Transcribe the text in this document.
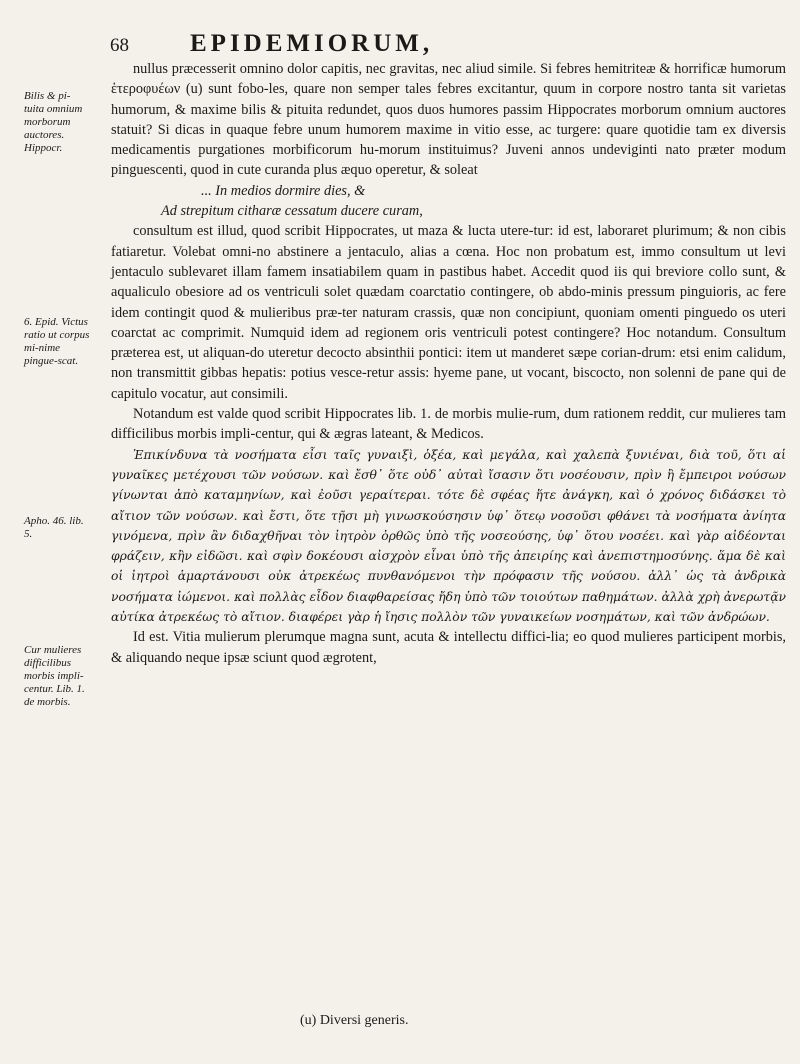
68	EPIDEMIORUM,
Bilis & pi-tuita omnium morborum auctores. Hippocr.
6. Epid. Victus ratio ut corpus mi-nime pingue-scat.
Apho. 46. lib. 5.
Cur mulieres difficilibus morbis impli-centur. Lib. 1. de morbis.

nullus præcesserit omnino dolor capitis, nec gravitas, nec aliud simile. Si febres hemitriteæ & horrificæ humorum ἑτεροφυέων (u) sunt fobo-les, quare non semper tales febres excitantur, quum in corpore nostro tanta sit varietas humorum, & maxime bilis & pituita redundet, quos duos humores passim Hippocrates morborum omnium auctores statuit? Si dicas in quaque febre unum humorem maxime in vitio esse, ac turgere: quare quotidie tam ex diversis medicamentis purgationes morbificorum hu-morum instituimus? Juveni annos undeviginti nato præter modum pinguescenti, quod in cute curanda plus æquo operetur, & soleat

... In medios dormire dies, &

Ad strepitum citharæ cessatum ducere curam,

consultum est illud, quod scribit Hippocrates, ut maza & lucta utere-tur: id est, laboraret plurimum; & non cibis fatiaretur. Volebat omni-no abstinere a jentaculo, alias a cœna. Hoc non probatum est, immo consultum ut levi jentaculo sublevaret illam famem insatiabilem quam in pastibus habet. Accedit quod iis qui breviore collo sunt, & aqualiculo obesiore ad os ventriculi solet quædam coarctatio contingere, ob abdo-minis pressum pinguioris, ac fere idem contingit quod & mulieribus præ-ter naturam crassis, quæ non concipiunt, quoniam omenti pinguedo os uteri coarctat ac comprimit. Numquid idem ad regionem oris ventriculi potest contingere? Hoc notandum. Consultum præterea est, ut aliquan-do uteretur decocto absinthii pontici: item ut manderet sæpe corian-drum: etsi enim calidum, non transmittit gibbas hepatis: potius vesce-retur assis: hyeme pane, ut vocant, biscocto, non solenni de pane qui de capitulo vocatur, aut consimili.

Notandum est valde quod scribit Hippocrates lib. 1. de morbis mulie-rum, dum rationem reddit, cur mulieres tam difficilibus morbis impli-centur, qui & ægras lateant, & Medicos.

Ἐπικίνδυνα τὰ νοσήματα εἶσι ταῖς γυναιξὶ, ὁξέα, καὶ μεγάλα, καὶ χαλεπὰ ξυνιέναι, διὰ τοῦ, ὅτι αἱ γυναῖκες μετέχουσι τῶν νούσων. καὶ ἔσθ᾽ ὅτε οὐδ᾽ αὐταὶ ἴσασιν ὅτι νοσέουσιν, πρὶν ἢ ἔμπειροι νούσων γίνωνται ἀπὸ καταμηνίων, καὶ ἐοῦσι γεραίτεραι. τότε δὲ σφέας ἥτε ἀνάγκη, καὶ ὁ χρόνος διδάσκει τὸ αἴτιον τῶν νούσων. καὶ ἔστι, ὅτε τῇσι μὴ γινωσκούσησιν ὑφ᾽ ὅτεῳ νοσοῦσι φθάνει τὰ νοσήματα ἀνίητα γινόμενα, πρὶν ἂν διδαχθῆναι τὸν ἰητρὸν ὀρθῶς ὑπὸ τῆς νοσεούσης, ὑφ᾽ ὅτου νοσέει. καὶ γὰρ αἰδέονται φράζειν, κἢν εἰδῶσι. καὶ σφὶν δοκέουσι αἰσχρὸν εἶναι ὑπὸ τῆς ἀπειρίης καὶ ἀνεπιστημοσύνης. ἅμα δὲ καὶ οἱ ἰητροὶ ἁμαρτάνουσι οὐκ ἀτρεκέως πυνθανόμενοι τὴν πρόφασιν τῆς νούσου. ἀλλ᾽ ὡς τὰ ἀνδρικὰ νοσήματα ἰώμενοι. καὶ πολλὰς εἶδον διαφθαρείσας ἤδη ὑπὸ τῶν τοιούτων παθημάτων. ἀλλὰ χρὴ ἀνερωτᾷν αὐτίκα ἀτρεκέως τὸ αἴτιον. διαφέρει γὰρ ἡ ἴησις πολλὸν τῶν γυναικείων νοσημάτων, καὶ τῶν ἀνδρώων.

Id est. Vitia mulierum plerumque magna sunt, acuta & intellectu diffici-lia; eo quod mulieres participent morbis, & aliquando neque ipsæ sciunt quod ægrotent,

(u) Diversi generis.
